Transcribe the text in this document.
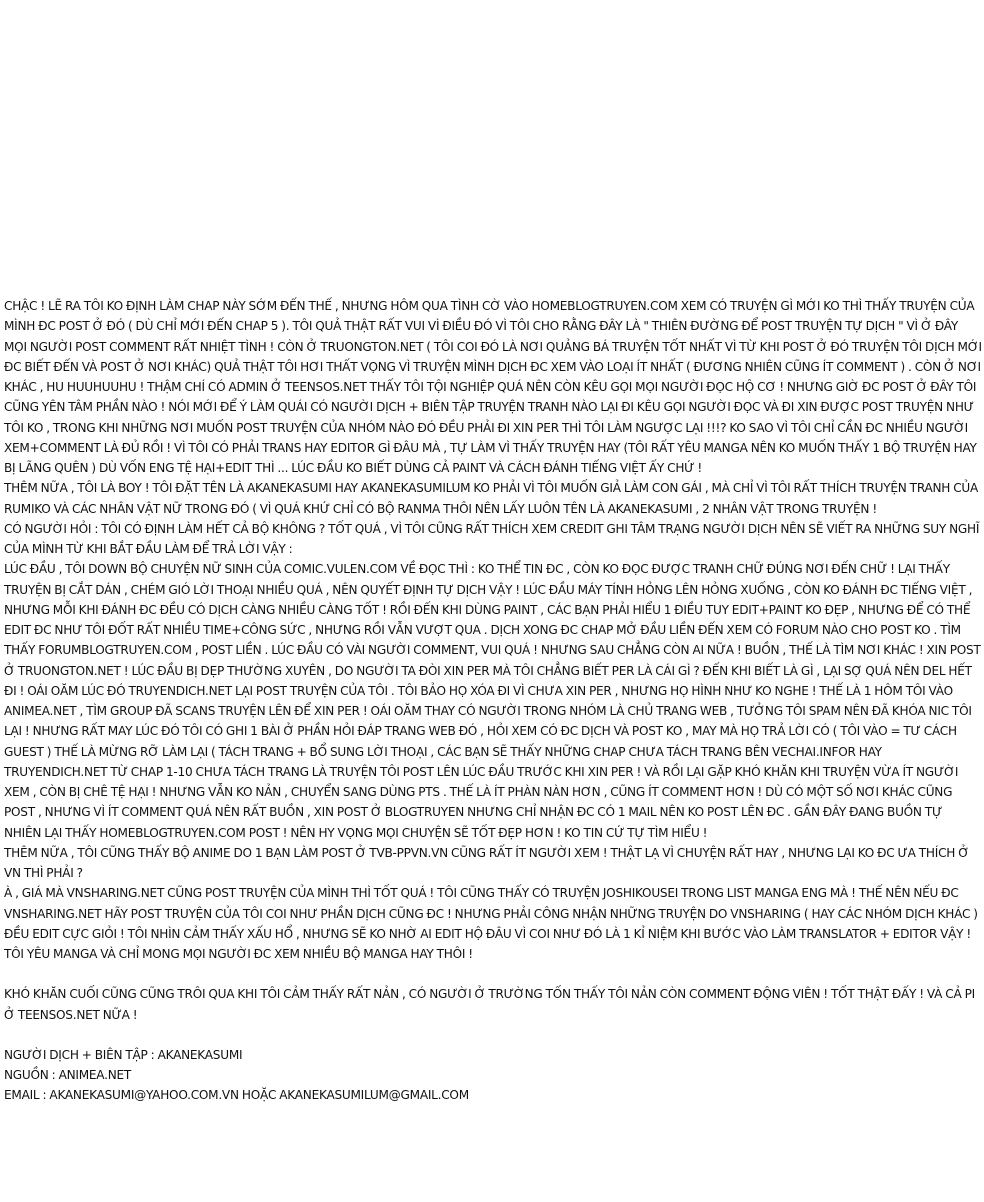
CHẬC ! LẼ RA TÔI KO ĐỊNH LÀM CHAP NÀY SỚM ĐẾN THẾ , NHƯNG HÔM QUA TÌNH CỜ VÀO HOMEBLOGTRUYEN.COM XEM CÓ TRUYỆN GÌ MỚI KO THÌ THẤY TRUYỆN CỦA MÌNH ĐC POST Ở ĐÓ ( DÙ CHỈ MỚI ĐẾN CHAP 5 ). TÔI QUẢ THẬT RẤT VUI VÌ ĐIỀU ĐÓ VÌ TÔI CHO RẰNG ĐÂY LÀ " THIÊN ĐƯỜNG ĐỂ POST TRUYỆN TỰ DỊCH " VÌ Ở ĐÂY MỌI NGƯỜI POST COMMENT RẤT NHIỆT TÌNH ! CÒN Ở TRUONGTON.NET ( TÔI COI ĐÓ LÀ NƠI QUẢNG BÁ TRUYỆN TỐT NHẤT VÌ TỪ KHI POST Ở ĐÓ TRUYỆN TÔI DỊCH MỚI ĐC BIẾT ĐẾN VÀ POST Ở NƠI KHÁC) QUẢ THẬT TÔI HƠI THẤT VỌNG VÌ TRUYỆN MÌNH DỊCH ĐC XEM VÀO LOẠI ÍT NHẤT ( ĐƯƠNG NHIÊN CŨNG ÍT COMMENT ) . CÒN Ở NƠI KHÁC , HU HUUHUUHU ! THẬM CHÍ CÓ ADMIN Ở TEENSOS.NET THẤY TÔI TỘI NGHIỆP QUÁ NÊN CÒN KÊU GỌI MỌI NGƯỜI ĐỌC HỘ CƠ ! NHƯNG GIỜ ĐC POST Ở ĐÂY TÔI CŨNG YÊN TÂM PHẦN NÀO ! NÓI MỚI ĐỂ Ý LÀM QUÁI CÓ NGƯỜI DỊCH + BIÊN TẬP TRUYỆN TRANH NÀO LẠI ĐI KÊU GỌI NGƯỜI ĐỌC VÀ ĐI XIN ĐƯỢC POST TRUYỆN NHƯ TÔI KO , TRONG KHI NHỮNG NƠI MUỐN POST TRUYỆN CỦA NHÓM NÀO ĐÓ ĐỀU PHẢI ĐI XIN PER THÌ TÔI LÀM NGƯỢC LẠI !!!? KO SAO VÌ TÔI CHỈ CẦN ĐC NHIỀU NGƯỜI XEM+COMMENT LÀ ĐỦ RỒI ! VÌ TÔI CÓ PHẢI TRANS HAY EDITOR GÌ ĐÂU MÀ , TỰ LÀM VÌ THẤY TRUYỆN HAY (TÔI RẤT YÊU MANGA NÊN KO MUỐN THẤY 1 BỘ TRUYỆN HAY BỊ LÃNG QUÊN ) DÙ VỐN ENG TỆ HẠI+EDIT THÌ ... LÚC ĐẦU KO BIẾT DÙNG CẢ PAINT VÀ CÁCH ĐÁNH TIẾNG VIỆT ẤY CHỨ !

THÊM NỮA , TÔI LÀ BOY ! TÔI ĐẶT TÊN LÀ AKANEKASUMI HAY AKANEKASUMILUM KO PHẢI VÌ TÔI MUỐN GIẢ LÀM CON GÁI , MÀ CHỈ VÌ TÔI RẤT THÍCH TRUYỆN TRANH CỦA RUMIKO VÀ CÁC NHÂN VẬT NỮ TRONG ĐÓ ( VÌ QUÁ KHỨ CHỈ CÓ BỘ RANMA THÔI NÊN LẤY LUÔN TÊN LÀ AKANEKASUMI , 2 NHÂN VẬT TRONG TRUYỆN !

CÓ NGƯỜI HỎI : TÔI CÓ ĐỊNH LÀM HẾT CẢ BỘ KHÔNG ? TỐT QUÁ , VÌ TÔI CŨNG RẤT THÍCH XEM CREDIT GHI TÂM TRẠNG NGƯỜI DỊCH NÊN SẼ VIẾT RA NHỮNG SUY NGHĨ CỦA MÌNH TỪ KHI BẮT ĐẦU LÀM ĐỂ TRẢ LỜI VẬY :

LÚC ĐẦU , TÔI DOWN BỘ CHUYỆN NỮ SINH CỦA COMIC.VULEN.COM VỀ ĐỌC THÌ : KO THỂ TIN ĐC , CÒN KO ĐỌC ĐƯỢC TRANH CHỮ ĐÚNG NƠI ĐẾN CHỮ ! LẠI THẤY TRUYỆN BỊ CẮT DÁN , CHÉM GIÓ LỜI THOẠI NHIỀU QUÁ , NÊN QUYẾT ĐỊNH TỰ DỊCH VẬY ! LÚC ĐẦU MÁY TÍNH HỎNG LÊN HỎNG XUỐNG , CÒN KO ĐÁNH ĐC TIẾNG VIỆT , NHƯNG MỖI KHI ĐÁNH ĐC ĐỀU CÓ DỊCH CÀNG NHIỀU CÀNG TỐT ! RỒI ĐẾN KHI DÙNG PAINT , CÁC BẠN PHẢI HIỂU 1 ĐIỀU TUY EDIT+PAINT KO ĐẸP , NHƯNG ĐỂ CÓ THỂ EDIT ĐC NHƯ TÔI ĐỐT RẤT NHIỀU TIME+CÔNG SỨC , NHƯNG RỒI VẪN VƯỢT QUA . DỊCH XONG ĐC CHAP MỞ ĐẦU LIỀN ĐẾN XEM CÓ FORUM NÀO CHO POST KO . TÌM THẤY FORUMBLOGTRUYEN.COM , POST LIỀN . LÚC ĐẦU CÓ VÀI NGƯỜI COMMENT, VUI QUÁ ! NHƯNG SAU CHẲNG CÒN AI NỮA ! BUỒN , THẾ LÀ TÌM NƠI KHÁC ! XIN POST Ở TRUONGTON.NET ! LÚC ĐẦU BỊ DẸP THƯỜNG XUYÊN , DO NGƯỜI TA ĐÒI XIN PER MÀ TÔI CHẲNG BIẾT PER LÀ CÁI GÌ ? ĐẾN KHI BIẾT LÀ GÌ , LẠI SỢ QUÁ NÊN DEL HẾT ĐI ! OÁI OĂM LÚC ĐÓ TRUYENDICH.NET LẠI POST TRUYỆN CỦA TÔI . TÔI BẢO HỌ XÓA ĐI VÌ CHƯA XIN PER , NHƯNG HỌ HÌNH NHƯ KO NGHE ! THẾ LÀ 1 HÔM TÔI VÀO ANIMEA.NET , TÌM GROUP ĐÃ SCANS TRUYỆN LÊN ĐỂ XIN PER ! OÁI OĂM THAY CÓ NGƯỜI TRONG NHÓM LÀ CHỦ TRANG WEB , TƯỞNG TÔI SPAM NÊN ĐÃ KHÓA NIC TÔI LẠI ! NHƯNG RẤT MAY LÚC ĐÓ TÔI CÓ GHI 1 BÀI Ở PHẦN HỎI ĐÁP TRANG WEB ĐÓ , HỎI XEM CÓ ĐC DỊCH VÀ POST KO , MAY MÀ HỌ TRẢ LỜI CÓ ( TÔI VÀO = TƯ CÁCH GUEST ) THẾ LÀ MỪNG RỠ LÀM LẠI ( TÁCH TRANG + BỔ SUNG LỜI THOẠI , CÁC BẠN SẼ THẤY NHỮNG CHAP CHƯA TÁCH TRANG BÊN VECHAI.INFOR HAY TRUYENDICH.NET TỪ CHAP 1-10 CHƯA TÁCH TRANG LÀ TRUYỆN TÔI POST LÊN LÚC ĐẦU TRƯỚC KHI XIN PER ! VÀ RỒI LẠI GẶP KHÓ KHĂN KHI TRUYỆN VỪA ÍT NGƯỜI XEM , CÒN BỊ CHÊ TỆ HẠI ! NHƯNG VẪN KO NẢN , CHUYỂN SANG DÙNG PTS . THẾ LÀ ÍT PHÀN NÀN HƠN , CŨNG ÍT COMMENT HƠN ! DÙ CÓ MỘT SỐ NƠI KHÁC CŨNG POST , NHƯNG VÌ ÍT COMMENT QUÁ NÊN RẤT BUỒN , XIN POST Ở BLOGTRUYEN NHƯNG CHỈ NHẬN ĐC CÓ 1 MAIL NÊN KO POST LÊN ĐC . GẦN ĐÂY ĐANG BUỒN TỰ NHIÊN LẠI THẤY HOMEBLOGTRUYEN.COM POST ! NÊN HY VỌNG MỌI CHUYỆN SẼ TỐT ĐẸP HƠN ! KO TIN CỨ TỰ TÌM HIỂU !

THÊM NỮA , TÔI CŨNG THẤY BỘ ANIME DO 1 BẠN LÀM POST Ở TVB-PPVN.VN CŨNG RẤT ÍT NGƯỜI XEM ! THẬT LẠ VÌ CHUYỆN RẤT HAY , NHƯNG LẠI KO ĐC ƯA THÍCH Ở VN THÌ PHẢI ?

À , GIÁ MÀ VNSHARING.NET CŨNG POST TRUYỆN CỦA MÌNH THÌ TỐT QUÁ ! TÔI CŨNG THẤY CÓ TRUYỆN JOSHIKOUSEI TRONG LIST MANGA ENG MÀ ! THẾ NÊN NẾU ĐC VNSHARING.NET HÃY POST TRUYỆN CỦA TÔI COI NHƯ PHẦN DỊCH CŨNG ĐC ! NHƯNG PHẢI CÔNG NHẬN NHỮNG TRUYỆN DO VNSHARING ( HAY CÁC NHÓM DỊCH KHÁC ) ĐỀU EDIT CỰC GIỎI ! TÔI NHÌN CẢM THẤY XẤU HỔ , NHƯNG SẼ KO NHỜ AI EDIT HỘ ĐÂU VÌ COI NHƯ ĐÓ LÀ 1 KỈ NIỆM KHI BƯỚC VÀO LÀM TRANSLATOR + EDITOR VẬY !

TÔI YÊU MANGA VÀ CHỈ MONG MỌI NGƯỜI ĐC XEM NHIỀU BỘ MANGA HAY THÔI !

KHÓ KHĂN CUỐI CŨNG CŨNG TRÔI QUA KHI TÔI CẢM THẤY RẤT NẢN , CÓ NGƯỜI Ở TRƯỜNG TỐN THẤY TÔI NẢN CÒN COMMENT ĐỘNG VIÊN ! TỐT THẬT ĐẤY ! VÀ CẢ PI Ở TEENSOS.NET NỮA !

NGƯỜI DỊCH + BIÊN TẬP : AKANEKASUMI

NGUỒN : ANIMEA.NET

EMAIL : AKANEKASUMI@YAHOO.COM.VN HOẶC AKANEKASUMILUM@GMAIL.COM
